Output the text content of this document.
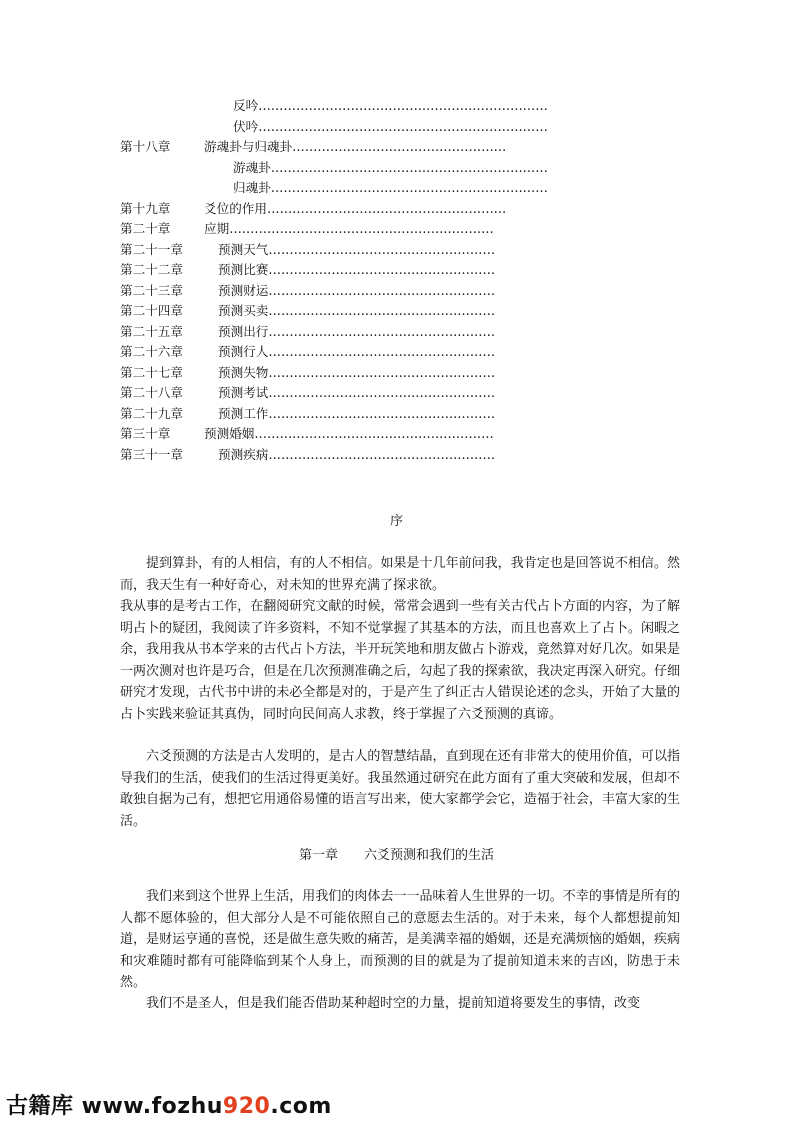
反吟……………………………………………………………
伏吟……………………………………………………………
第十八章	游魂卦与归魂卦……………………………………………
游魂卦…………………………………………………………
归魂卦…………………………………………………………
第十九章	爻位的作用…………………………………………………
第二十章	应期………………………………………………………
第二十一章	预测天气………………………………………………
第二十二章	预测比赛………………………………………………
第二十三章	预测财运………………………………………………
第二十四章	预测买卖………………………………………………
第二十五章	预测出行………………………………………………
第二十六章	预测行人………………………………………………
第二十七章	预测失物………………………………………………
第二十八章	预测考试………………………………………………
第二十九章	预测工作………………………………………………
第三十章	预测婚姻…………………………………………………
第三十一章	预测疾病………………………………………………
序

提到算卦，有的人相信，有的人不相信。如果是十几年前问我，我肯定也是回答说不相信。然而，我天生有一种好奇心，对未知的世界充满了探求欲。

我从事的是考古工作，在翻阅研究文献的时候，常常会遇到一些有关古代占卜方面的内容，为了解明占卜的疑团，我阅读了许多资料，不知不觉掌握了其基本的方法，而且也喜欢上了占卜。闲暇之余，我用我从书本学来的古代占卜方法，半开玩笑地和朋友做占卜游戏，竟然算对好几次。如果是一两次测对也许是巧合，但是在几次预测准确之后，勾起了我的探索欲，我决定再深入研究。仔细研究才发现，古代书中讲的未必全都是对的，于是产生了纠正古人错误论述的念头，开始了大量的占卜实践来验证其真伪，同时向民间高人求教，终于掌握了六爻预测的真谛。

六爻预测的方法是古人发明的，是古人的智慧结晶，直到现在还有非常大的使用价值，可以指导我们的生活，使我们的生活过得更美好。我虽然通过研究在此方面有了重大突破和发展，但却不敢独自据为己有，想把它用通俗易懂的语言写出来，使大家都学会它，造福于社会，丰富大家的生活。

第一章　　六爻预测和我们的生活

我们来到这个世界上生活，用我们的肉体去一一品味着人生世界的一切。不幸的事情是所有的人都不愿体验的，但大部分人是不可能依照自己的意愿去生活的。对于未来，每个人都想提前知道，是财运亨通的喜悦，还是做生意失败的痛苦，是美满幸福的婚姻，还是充满烦恼的婚姻，疾病和灾难随时都有可能降临到某个人身上，而预测的目的就是为了提前知道未来的吉凶，防患于未然。

我们不是圣人，但是我们能否借助某种超时空的力量，提前知道将要发生的事情，改变

古籍库 www.fozhu920.com
